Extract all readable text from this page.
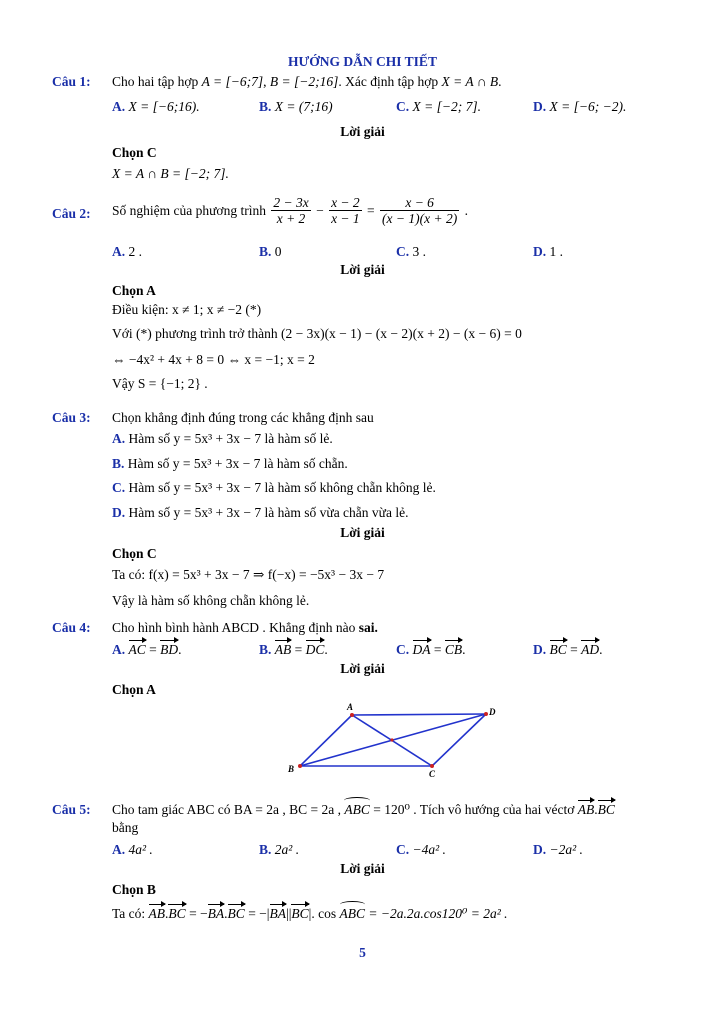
HƯỚNG DẪN CHI TIẾT
Câu 1: Cho hai tập hợp A = [−6;7], B = [−2;16]. Xác định tập hợp X = A ∩ B.
A. X = [−6;16).	B. X = (7;16)	C. X = [−2; 7].	D. X = [−6; −2).
Lời giải
Chọn C
X = A ∩ B = [−2; 7].
Câu 2: Số nghiệm của phương trình $\frac{2 - 3x}{x + 2} - \frac{x - 2}{x - 1} = \frac{x - 6}{(x - 1)(x + 2)}$ .
A. 2 .	B. 0	C. 3 .	D. 1 .
Lời giải
Chọn A
Điều kiện: x ≠ 1; x ≠ −2 (*)
Với (*) phương trình trở thành (2 − 3x)(x − 1) − (x − 2)(x + 2) − (x − 6) = 0
⇔ −4x² + 4x + 8 = 0 ⇔ x = −1; x = 2
Vậy S = {−1; 2} .
Câu 3: Chọn khẳng định đúng trong các khẳng định sau
A. Hàm số y = 5x³ + 3x − 7 là hàm số lẻ.
B. Hàm số y = 5x³ + 3x − 7 là hàm số chẵn.
C. Hàm số y = 5x³ + 3x − 7 là hàm số không chẵn không lẻ.
D. Hàm số y = 5x³ + 3x − 7 là hàm số vừa chẵn vừa lẻ.
Lời giải
Chọn C
Ta có: f(x) = 5x³ + 3x − 7 ⇒ f(−x) = −5x³ − 3x − 7
Vậy là hàm số không chẵn không lẻ.
Câu 4: Cho hình bình hành ABCD . Khẳng định nào sai.
A. AC = BD.	B. AB = DC.	C. DA = CB.	D. BC = AD.
Lời giải
Chọn A
A	D
B	C
Câu 5: Cho tam giác ABC có BA = 2a , BC = 2a , ABC = 120⁰ . Tích vô hướng của hai véctơ AB.BC
bằng
A. 4a² .	B. 2a² .	C. −4a² .	D. −2a² .
Lời giải
Chọn B
Ta có: AB.BC = −BA.BC = −|BA||BC|. cos ABC = −2a.2a.cos120⁰ = 2a² .
5
